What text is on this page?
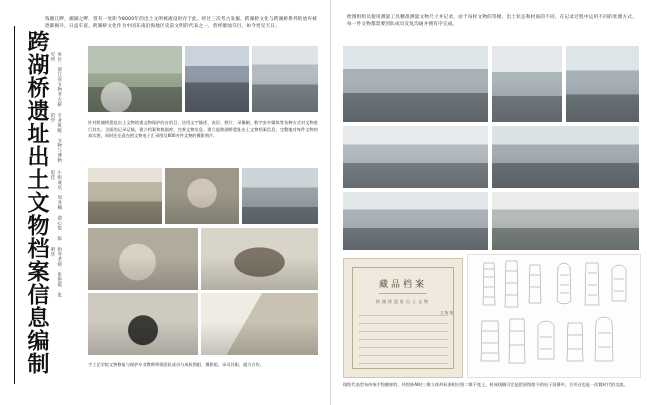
跨湖桥遗址出土文物档案信息编制	指导老师：张艳霞 张明华
小组成员：周亚楠 俞心悦 陈思佳
专业班级：文物与博物馆学
单位：浙江省文物考古研究所
钱塘江畔，湘湖之畔，曾有一处距今8000年的出土文明被淹没时存于此。经过三次考古发掘，跨湖桥文化与跨湖桥系列的放弃被逐渐揭开，日益车富。跨湖桥文化作为中国东南沿海地区史前文明的代表之一，曾经璀灿夺目，如今更见天日。
针对跨湖桥遗址出土文物的重文物保护的自的目，送用文字描述、表层、照片、录像制，数字安多媒体等各种方式对文物进行其实、全面的记录记载，建立档案和数据库，完善文物信息。建立起跨湖桥遗址出土文物档案信息，完整地对每件文物的真实貌，同时还在责在相文物电子汇录图及600多件文物的摄影图片。
手工艺学院文物修复与保护专业教师带领团队成员分成检图组、摄影组、录司其职、通力合作。
绘图组组员使用测量工具精准测量文物尺寸并记录，由于每样文物的等级、出土状态和材质的不同，在记录过程中运用不同的处理方式。每一件文物都需要团队成员反复沟通并拥有序完成。
藏品档案
跨湖桥遗址出土文物
文 物 图
线绘代表型布传统手绘模样的，经绘转AI时三维立体形标准相应图二维不变上，转成线稿可完是把原图如今的电子屏幕中，合并这也是一次简时代的交流。
